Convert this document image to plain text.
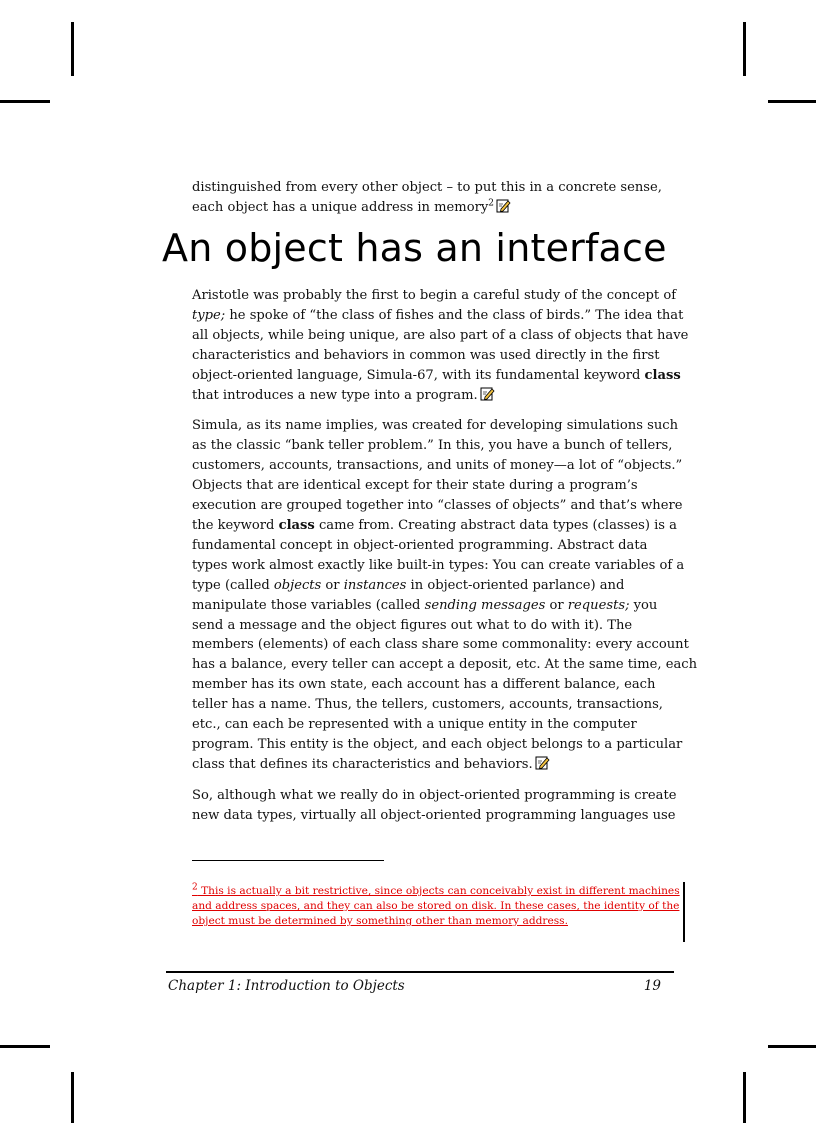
An object has an interface

distinguished from every other object – to put this in a concrete sense,
each object has a unique address in memory$^2$

Aristotle was probably the first to begin a careful study of the concept of
type; he spoke of “the class of fishes and the class of birds.” The idea that
all objects, while being unique, are also part of a class of objects that have
characteristics and behaviors in common was used directly in the first
object-oriented language, Simula-67, with its fundamental keyword class
that introduces a new type into a program.

Simula, as its name implies, was created for developing simulations such
as the classic “bank teller problem.” In this, you have a bunch of tellers,
customers, accounts, transactions, and units of money—a lot of “objects.”
Objects that are identical except for their state during a program’s
execution are grouped together into “classes of objects” and that’s where
the keyword class came from. Creating abstract data types (classes) is a
fundamental concept in object-oriented programming. Abstract data
types work almost exactly like built-in types: You can create variables of a
type (called objects or instances in object-oriented parlance) and
manipulate those variables (called sending messages or requests; you
send a message and the object figures out what to do with it). The
members (elements) of each class share some commonality: every account
has a balance, every teller can accept a deposit, etc. At the same time, each
member has its own state, each account has a different balance, each
teller has a name. Thus, the tellers, customers, accounts, transactions,
etc., can each be represented with a unique entity in the computer
program. This entity is the object, and each object belongs to a particular
class that defines its characteristics and behaviors.

So, although what we really do in object-oriented programming is create
new data types, virtually all object-oriented programming languages use

$^2$ This is actually a bit restrictive, since objects can conceivably exist in different machines
and address spaces, and they can also be stored on disk. In these cases, the identity of the
object must be determined by something other than memory address.
Chapter 1: Introduction to Objects	19
